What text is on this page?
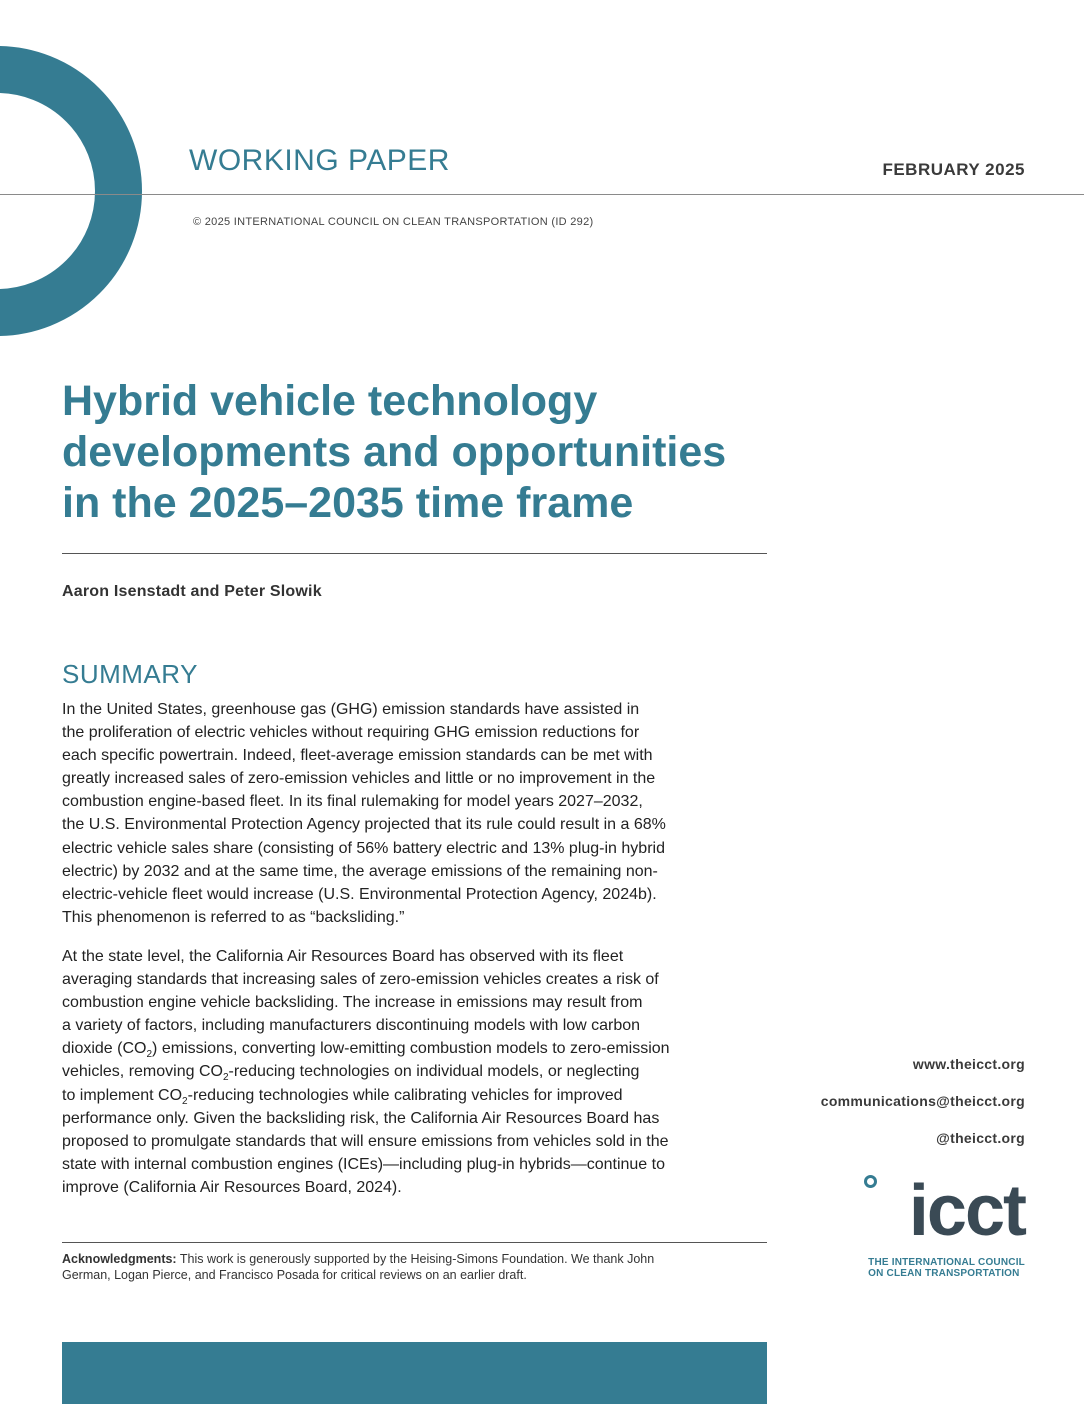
WORKING PAPER	FEBRUARY 2025
© 2025 INTERNATIONAL COUNCIL ON CLEAN TRANSPORTATION (ID 292)
Hybrid vehicle technology
developments and opportunities
in the 2025–2035 time frame
Aaron Isenstadt and Peter Slowik
SUMMARY

In the United States, greenhouse gas (GHG) emission standards have assisted in
the proliferation of electric vehicles without requiring GHG emission reductions for
each specific powertrain. Indeed, fleet-average emission standards can be met with
greatly increased sales of zero-emission vehicles and little or no improvement in the
combustion engine-based fleet. In its final rulemaking for model years 2027–2032,
the U.S. Environmental Protection Agency projected that its rule could result in a 68%
electric vehicle sales share (consisting of 56% battery electric and 13% plug-in hybrid
electric) by 2032 and at the same time, the average emissions of the remaining non-
electric-vehicle fleet would increase (U.S. Environmental Protection Agency, 2024b).
This phenomenon is referred to as “backsliding.”

At the state level, the California Air Resources Board has observed with its fleet
averaging standards that increasing sales of zero-emission vehicles creates a risk of
combustion engine vehicle backsliding. The increase in emissions may result from
a variety of factors, including manufacturers discontinuing models with low carbon
dioxide $(CO_2)$ emissions, converting low-emitting combustion models to zero-emission
vehicles, removing $CO_2$-reducing technologies on individual models, or neglecting
to implement $CO_2$-reducing technologies while calibrating vehicles for improved
performance only. Given the backsliding risk, the California Air Resources Board has
proposed to promulgate standards that will ensure emissions from vehicles sold in the
state with internal combustion engines (ICEs)—including plug-in hybrids—continue to
improve (California Air Resources Board, 2024).

Acknowledgments: This work is generously supported by the Heising-Simons Foundation. We thank John
German, Logan Pierce, and Francisco Posada for critical reviews on an earlier draft.
www.theicct.org
communications@theicct.org
@theicct.org
icct
THE INTERNATIONAL COUNCIL
ON CLEAN TRANSPORTATION
